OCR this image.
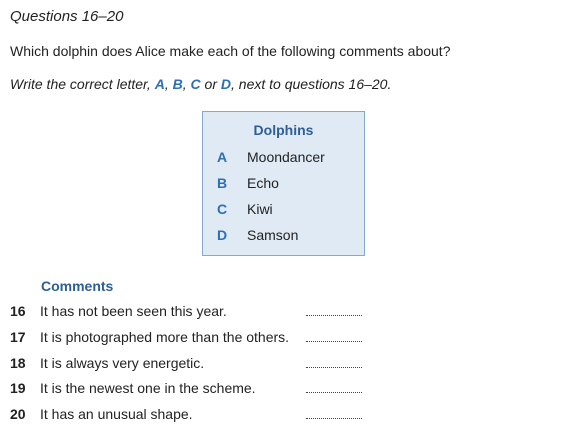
Questions 16–20
Which dolphin does Alice make each of the following comments about?
Write the correct letter, A, B, C or D, next to questions 16–20.
Dolphins
A Moondancer
B Echo
C Kiwi
D Samson
Comments
16 It has not been seen this year.
17 It is photographed more than the others.
18 It is always very energetic.
19 It is the newest one in the scheme.
20 It has an unusual shape.
